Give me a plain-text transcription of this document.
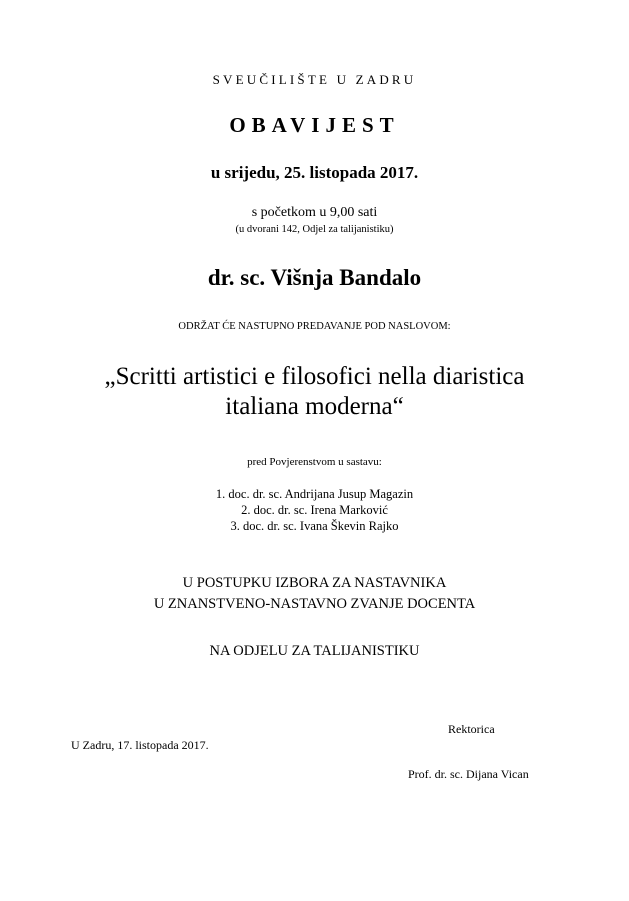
SVEUČILIŠTE U ZADRU
OBAVIJEST
u srijedu, 25. listopada 2017.
s početkom u 9,00 sati
(u dvorani 142, Odjel za talijanistiku)
dr. sc. Višnja Bandalo
ODRŽAT ĆE NASTUPNO PREDAVANJE POD NASLOVOM:
„Scritti artistici e filosofici nella diaristica
italiana moderna“
pred Povjerenstvom u sastavu:
1. doc. dr. sc. Andrijana Jusup Magazin
2. doc. dr. sc. Irena Marković
3. doc. dr. sc. Ivana Škevin Rajko
U POSTUPKU IZBORA ZA NASTAVNIKA
U ZNANSTVENO-NASTAVNO ZVANJE DOCENTA
NA ODJELU ZA TALIJANISTIKU
Rektorica
U Zadru, 17. listopada 2017.
Prof. dr. sc. Dijana Vican
